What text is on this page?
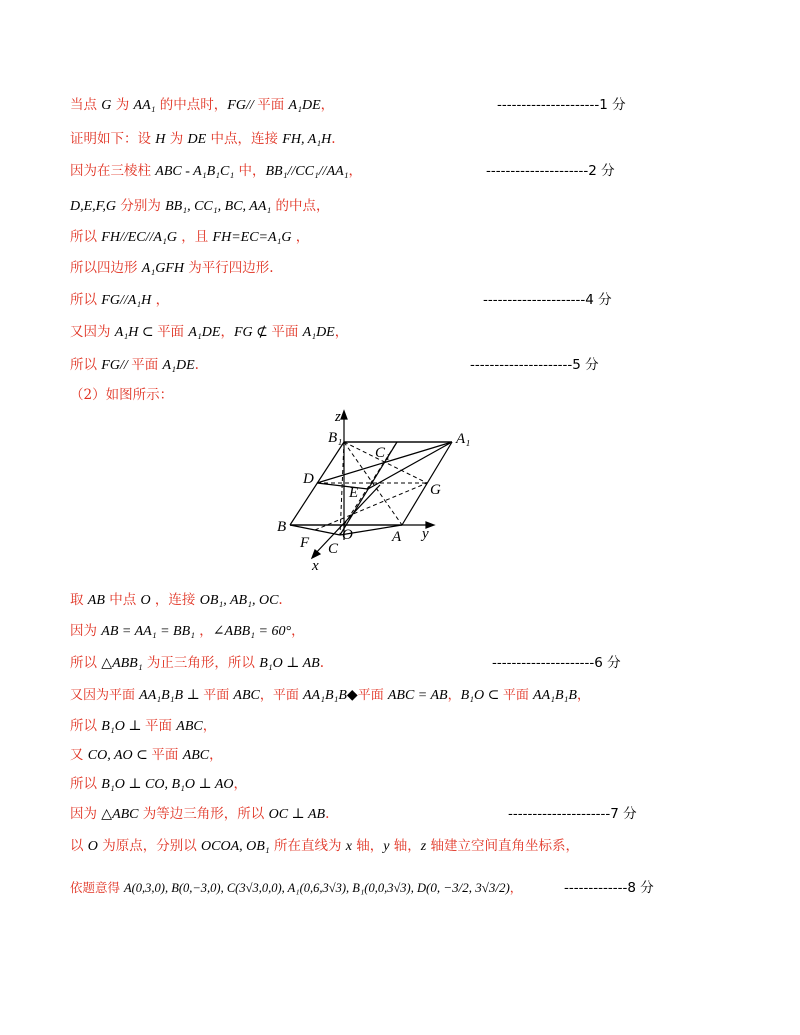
当点 G 为 AA₁ 的中点时，FG// 平面 A₁DE，	---------------------1 分
证明如下：设 H 为 DE 中点，连接 FH, A₁H.
因为在三棱柱 ABC - A₁B₁C₁ 中，BB₁//CC₁//AA₁，	---------------------2 分
D,E,F,G 分别为 BB₁, CC₁, BC, AA₁ 的中点，
所以 FH//EC//A₁G ，且 FH=EC=A₁G ，
所以四边形 A₁GFH 为平行四边形.
所以 FG//A₁H ，	---------------------4 分
又因为 A₁H ⊂ 平面 A₁DE，FG ⊄ 平面 A₁DE，
所以 FG// 平面 A₁DE.	---------------------5 分
（2）如图所示：
z
B₁
C₁
A₁
D
E	G
B	O	A y
F C
x
取 AB 中点 O ，连接 OB₁, AB₁, OC.
因为 AB = AA₁ = BB₁ ，∠ABB₁ = 60°，
所以 △ABB₁ 为正三角形，所以 B₁O ⊥ AB.	---------------------6 分
又因为平面 AA₁B₁B ⊥ 平面 ABC，平面 AA₁B₁B◆平面 ABC = AB，B₁O ⊂ 平面 AA₁B₁B，
所以 B₁O ⊥ 平面 ABC，
又 CO, AO ⊂ 平面 ABC，
所以 B₁O ⊥ CO, B₁O ⊥ AO，
因为 △ABC 为等边三角形，所以 OC ⊥ AB.	---------------------7 分
以 O 为原点，分别以 OCOA, OB₁ 所在直线为 x 轴，y 轴，z 轴建立空间直角坐标系，
依题意得 A(0,3,0), B(0,−3,0), C(3√3,0,0), A₁(0,6,3√3), B₁(0,0,3√3), D(0, −3/2, 3√3/2)，	-------------8 分
